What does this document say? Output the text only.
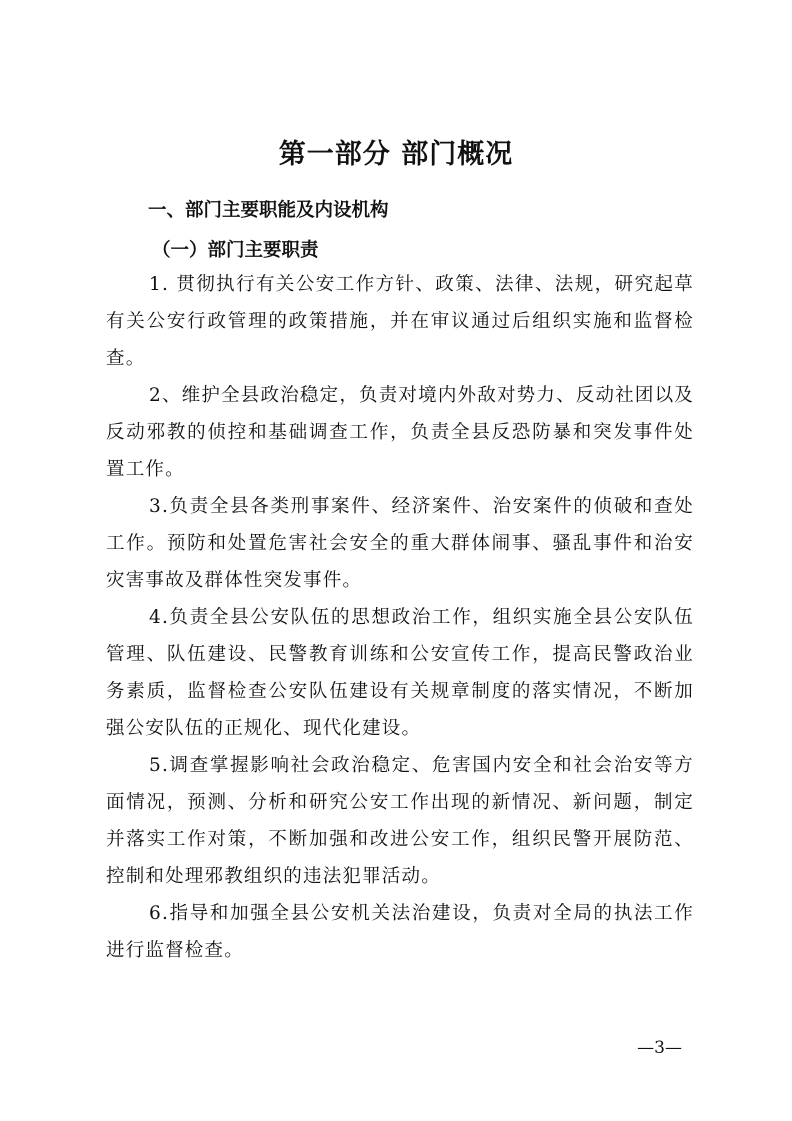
第一部分 部门概况
一、部门主要职能及内设机构
（一）部门主要职责

1. 贯彻执行有关公安工作方针、政策、法律、法规，研究起草有关公安行政管理的政策措施，并在审议通过后组织实施和监督检查。

2、维护全县政治稳定，负责对境内外敌对势力、反动社团以及反动邪教的侦控和基础调查工作，负责全县反恐防暴和突发事件处置工作。

3.负责全县各类刑事案件、经济案件、治安案件的侦破和查处工作。预防和处置危害社会安全的重大群体闹事、骚乱事件和治安灾害事故及群体性突发事件。

4.负责全县公安队伍的思想政治工作，组织实施全县公安队伍管理、队伍建设、民警教育训练和公安宣传工作，提高民警政治业务素质，监督检查公安队伍建设有关规章制度的落实情况，不断加强公安队伍的正规化、现代化建设。

5.调查掌握影响社会政治稳定、危害国内安全和社会治安等方面情况，预测、分析和研究公安工作出现的新情况、新问题，制定并落实工作对策，不断加强和改进公安工作，组织民警开展防范、控制和处理邪教组织的违法犯罪活动。

6.指导和加强全县公安机关法治建设，负责对全局的执法工作进行监督检查。

—3—
